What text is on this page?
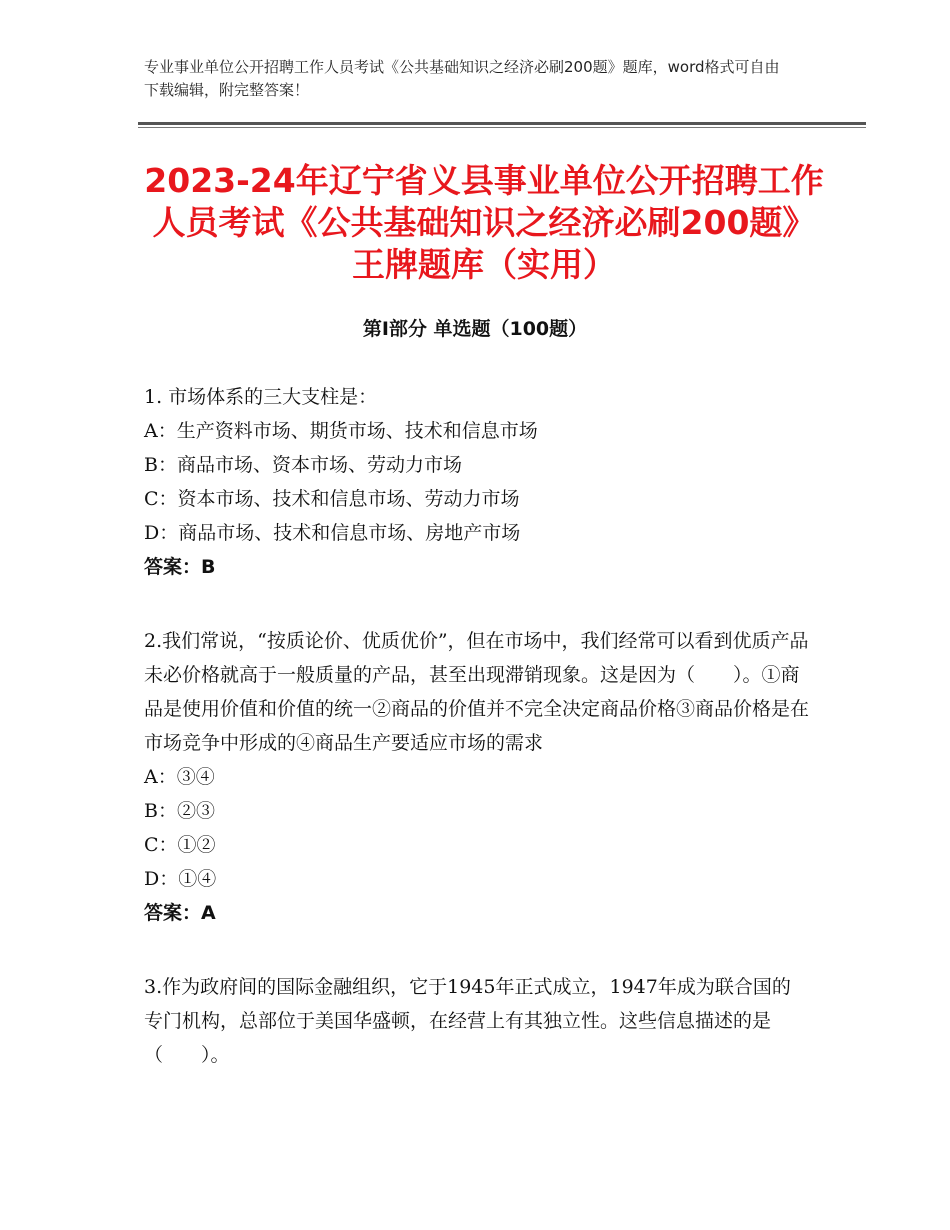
专业事业单位公开招聘工作人员考试《公共基础知识之经济必刷200题》题库，word格式可自由下载编辑，附完整答案！
2023-24年辽宁省义县事业单位公开招聘工作人员考试《公共基础知识之经济必刷200题》王牌题库（实用）
第Ⅰ部分 单选题（100题）
1. 市场体系的三大支柱是：
A：生产资料市场、期货市场、技术和信息市场
B：商品市场、资本市场、劳动力市场
C：资本市场、技术和信息市场、劳动力市场
D：商品市场、技术和信息市场、房地产市场
答案：B
2.我们常说，“按质论价、优质优价”，但在市场中，我们经常可以看到优质产品未必价格就高于一般质量的产品，甚至出现滞销现象。这是因为（　　）。①商品是使用价值和价值的统一②商品的价值并不完全决定商品价格③商品价格是在市场竞争中形成的④商品生产要适应市场的需求
A：③④
B：②③
C：①②
D：①④
答案：A
3.作为政府间的国际金融组织，它于1945年正式成立，1947年成为联合国的专门机构，总部位于美国华盛顿，在经营上有其独立性。这些信息描述的是（　　）。
